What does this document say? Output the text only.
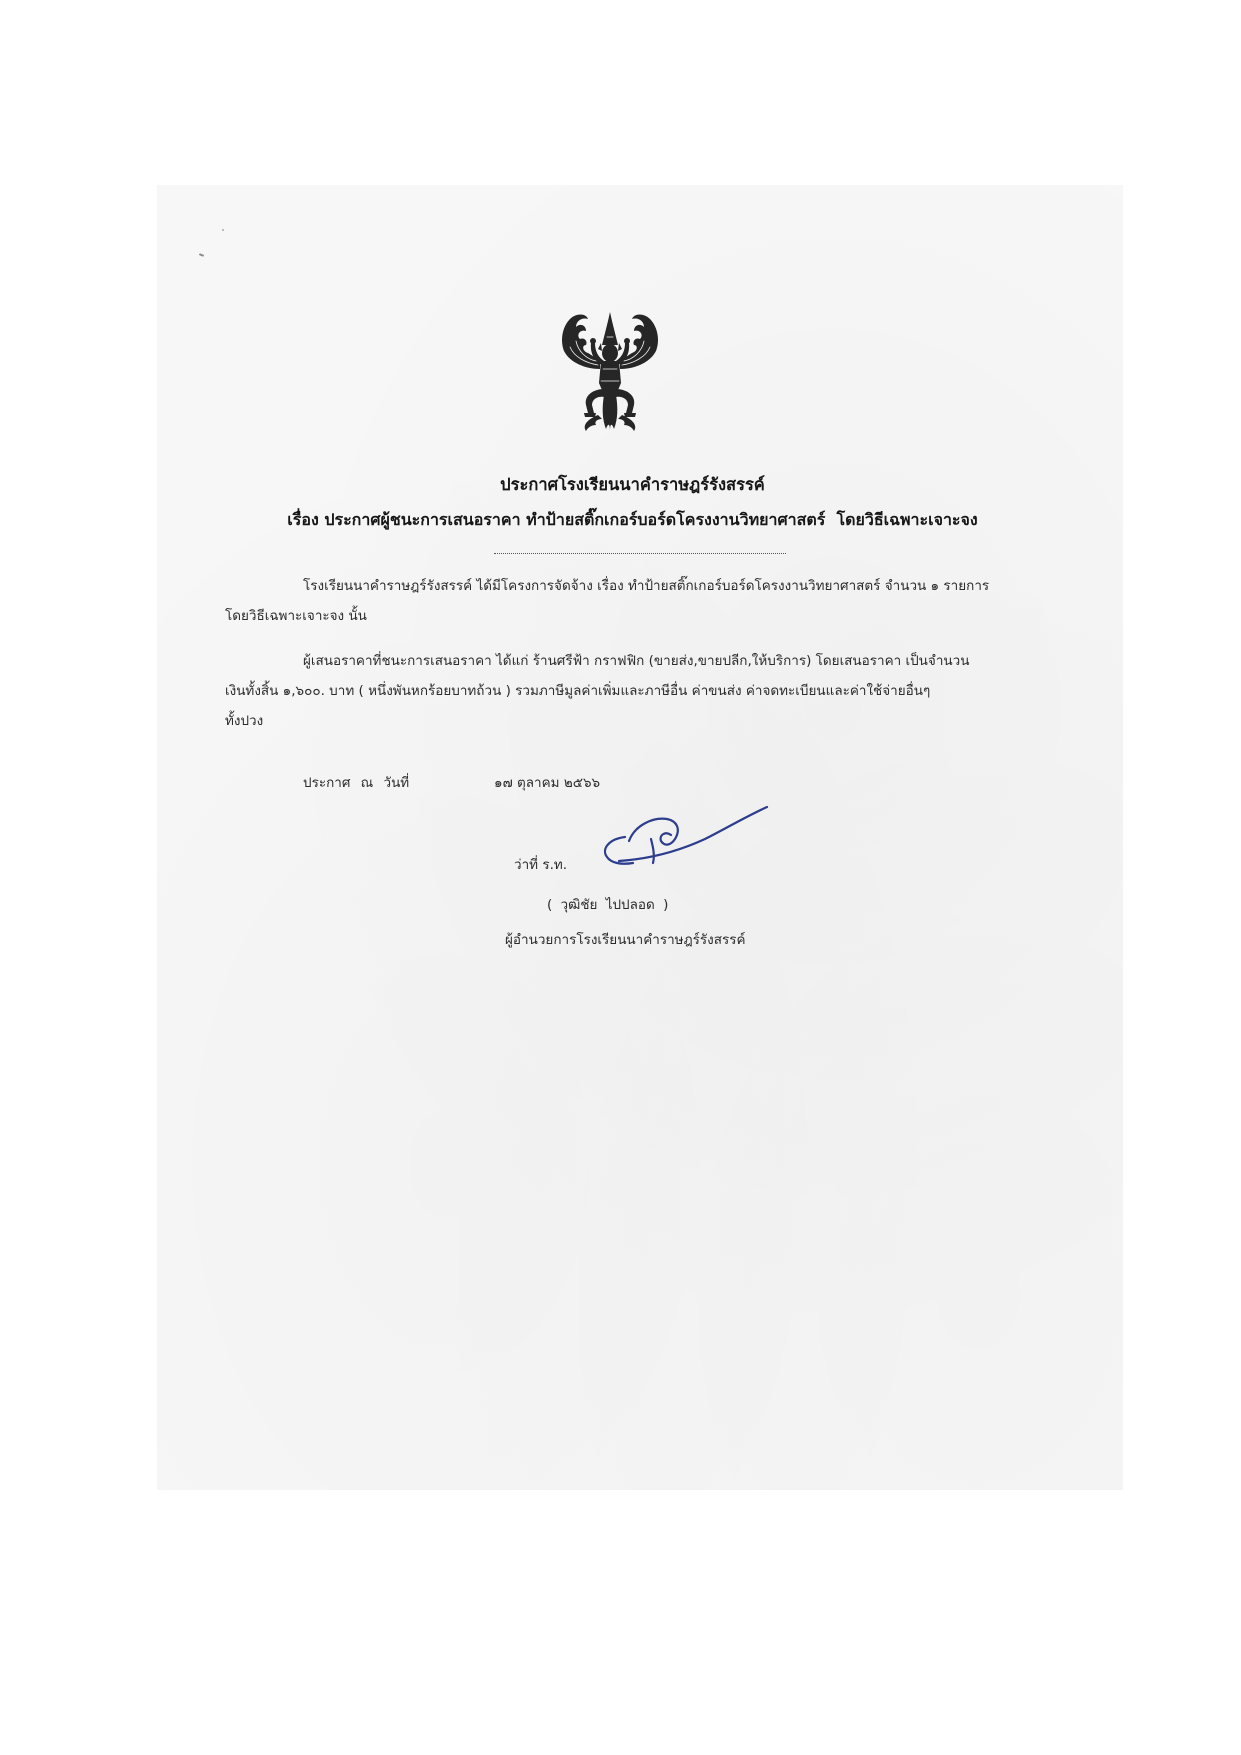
ประกาศโรงเรียนนาคำราษฎร์รังสรรค์
เรื่อง ประกาศผู้ชนะการเสนอราคา ทำป้ายสติ๊กเกอร์บอร์ดโครงงานวิทยาศาสตร์  โดยวิธีเฉพาะเจาะจง
โรงเรียนนาคำราษฎร์รังสรรค์ ได้มีโครงการจัดจ้าง เรื่อง ทำป้ายสติ๊กเกอร์บอร์ดโครงงานวิทยาศาสตร์ จำนวน ๑ รายการ
โดยวิธีเฉพาะเจาะจง นั้น
ผู้เสนอราคาที่ชนะการเสนอราคา ได้แก่ ร้านศรีฟ้า กราฟฟิก (ขายส่ง,ขายปลีก,ให้บริการ) โดยเสนอราคา เป็นจำนวน
เงินทั้งสิ้น ๑,๖๐๐. บาท ( หนึ่งพันหกร้อยบาทถ้วน ) รวมภาษีมูลค่าเพิ่มและภาษีอื่น ค่าขนส่ง ค่าจดทะเบียนและค่าใช้จ่ายอื่นๆ
ทั้งปวง
ประกาศ ณ วันที่	๑๗ ตุลาคม ๒๕๖๖
ว่าที่ ร.ท.
( วุฒิชัย ไปปลอด )
ผู้อำนวยการโรงเรียนนาคำราษฎร์รังสรรค์
